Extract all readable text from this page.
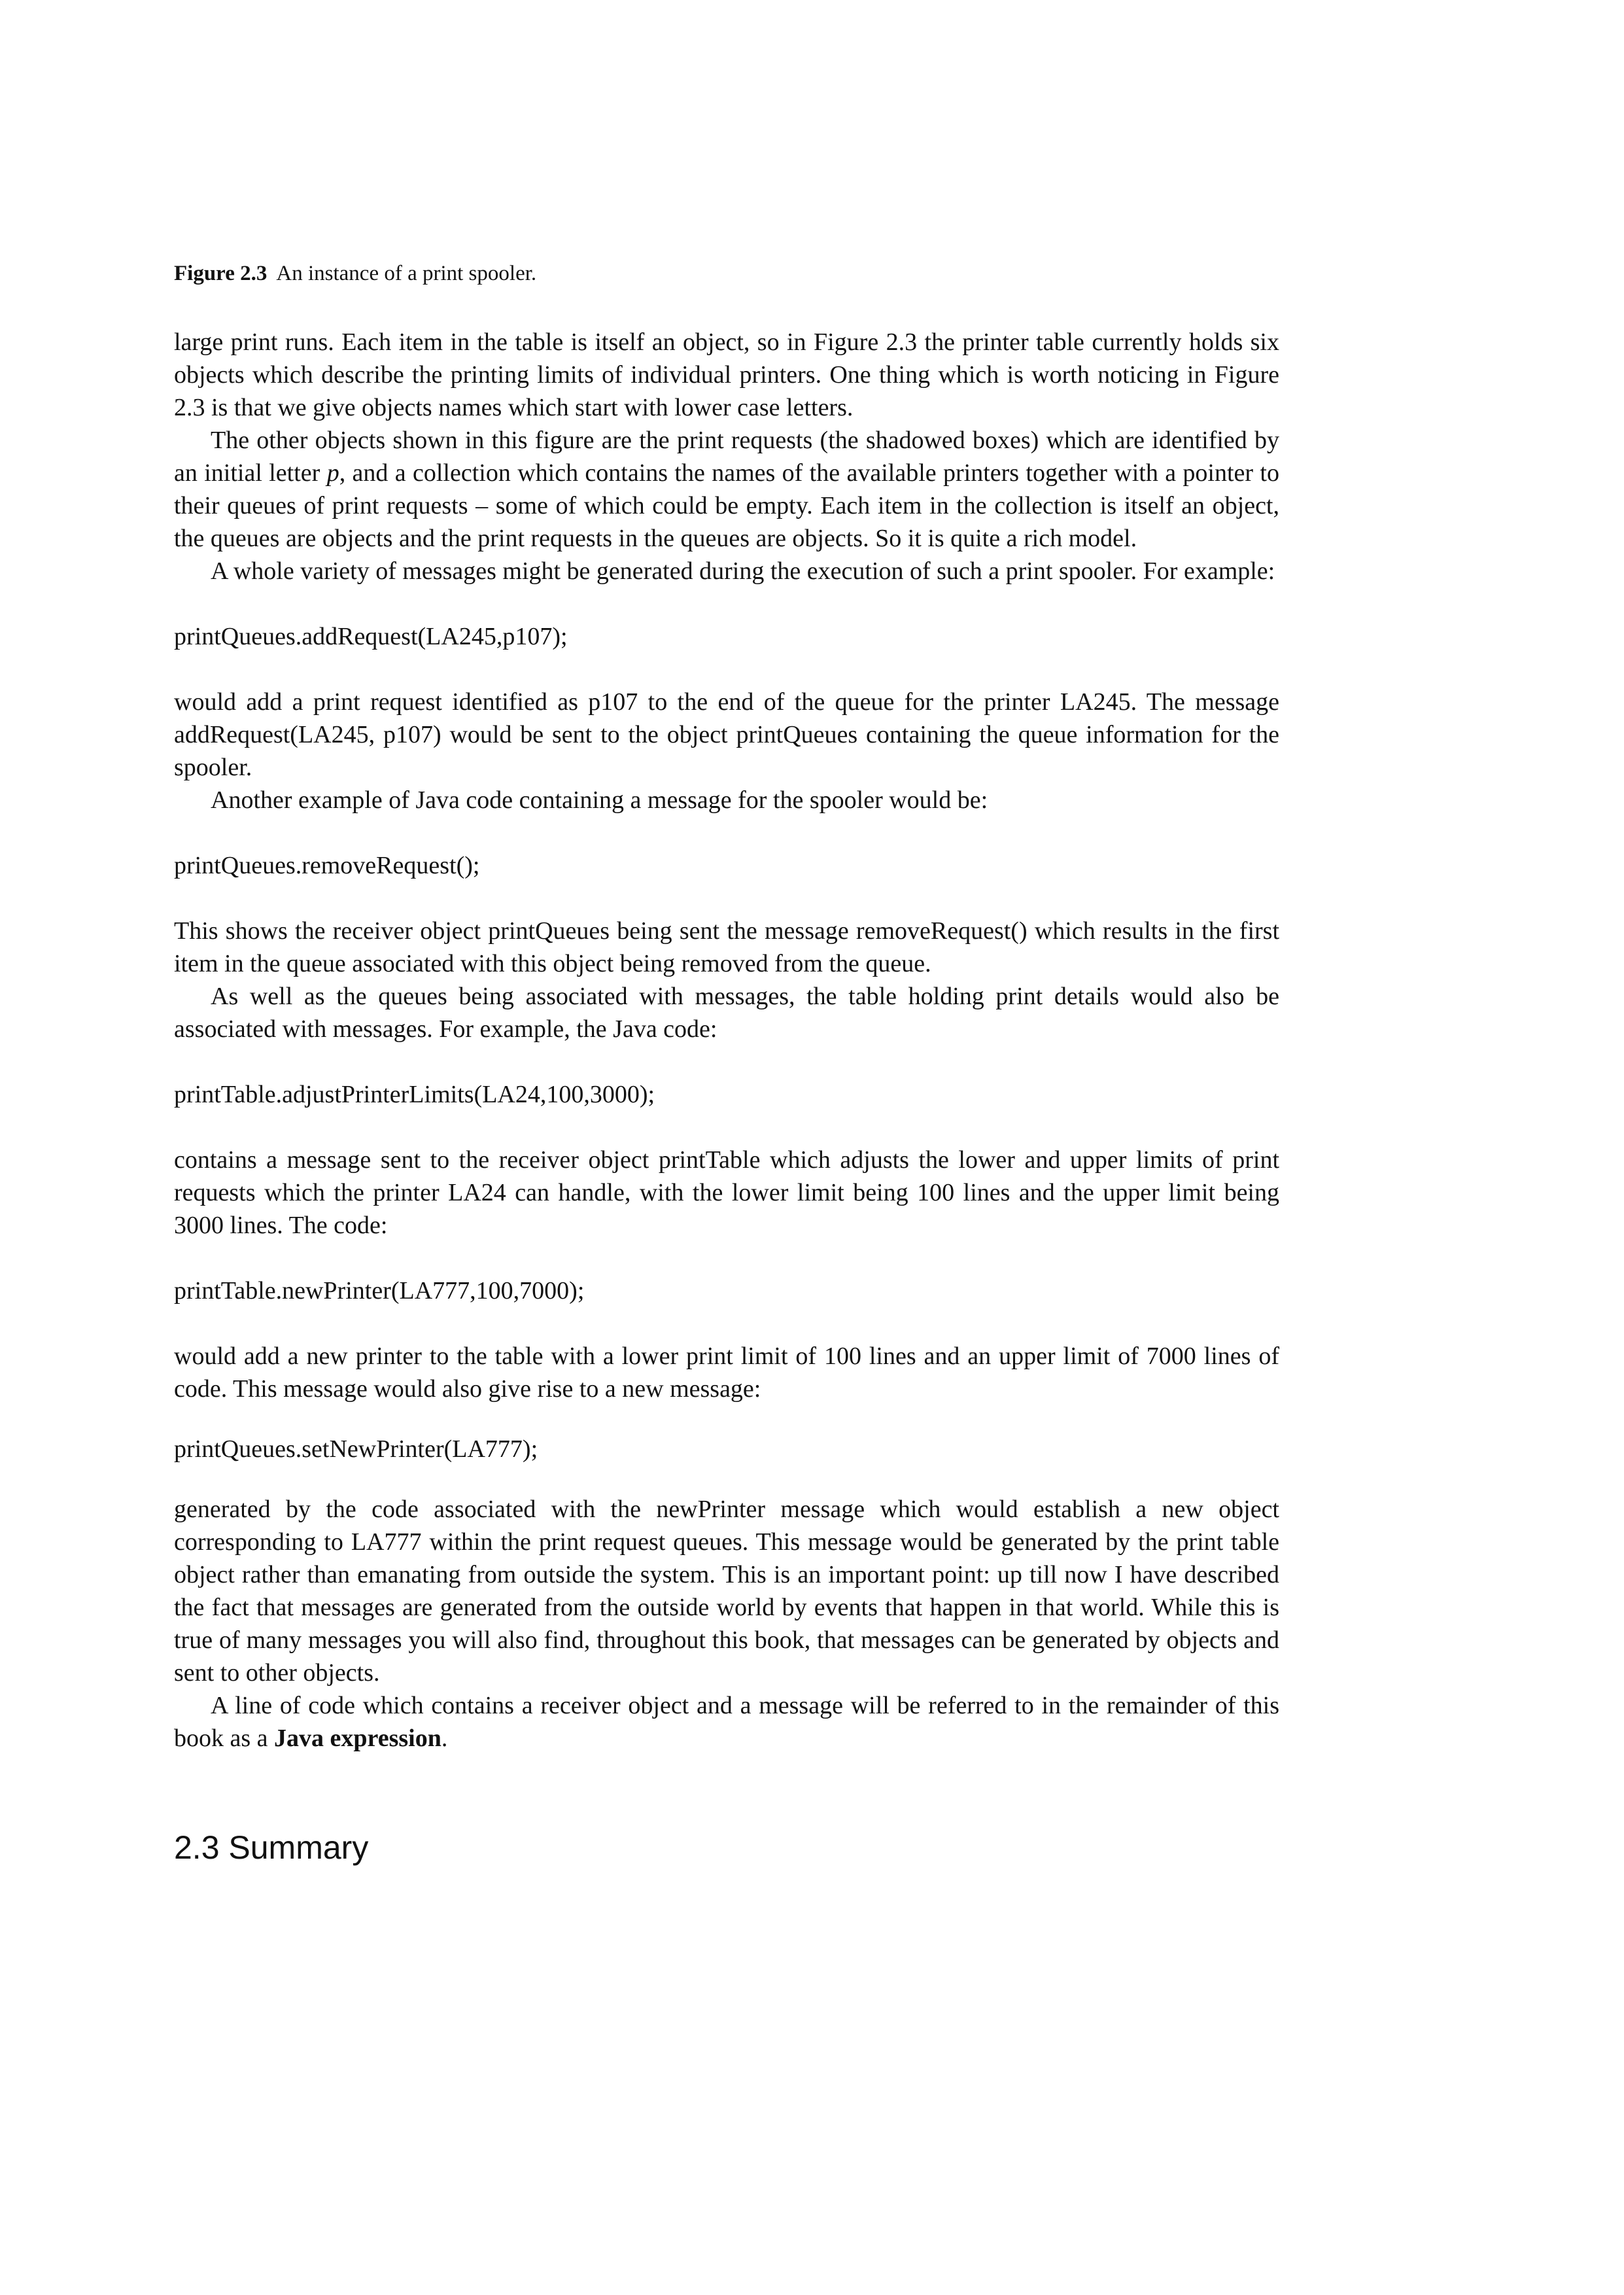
Figure 2.3 An instance of a print spooler.

large print runs. Each item in the table is itself an object, so in Figure 2.3 the printer table currently holds six objects which describe the printing limits of individual printers. One thing which is worth noticing in Figure 2.3 is that we give objects names which start with lower case letters.

The other objects shown in this figure are the print requests (the shadowed boxes) which are identified by an initial letter p, and a collection which contains the names of the available printers together with a pointer to their queues of print requests – some of which could be empty. Each item in the collection is itself an object, the queues are objects and the print requests in the queues are objects. So it is quite a rich model.

A whole variety of messages might be generated during the execution of such a print spooler. For example:

printQueues.addRequest(LA245,p107);

would add a print request identified as p107 to the end of the queue for the printer LA245. The message addRequest(LA245, p107) would be sent to the object printQueues containing the queue information for the spooler.

Another example of Java code containing a message for the spooler would be:

printQueues.removeRequest();

This shows the receiver object printQueues being sent the message removeRequest() which results in the first item in the queue associated with this object being removed from the queue.

As well as the queues being associated with messages, the table holding print details would also be associated with messages. For example, the Java code:

printTable.adjustPrinterLimits(LA24,100,3000);

contains a message sent to the receiver object printTable which adjusts the lower and upper limits of print requests which the printer LA24 can handle, with the lower limit being 100 lines and the upper limit being 3000 lines. The code:

printTable.newPrinter(LA777,100,7000);

would add a new printer to the table with a lower print limit of 100 lines and an upper limit of 7000 lines of code. This message would also give rise to a new message:

printQueues.setNewPrinter(LA777);

generated by the code associated with the newPrinter message which would establish a new object corresponding to LA777 within the print request queues. This message would be generated by the print table object rather than emanating from outside the system. This is an important point: up till now I have described the fact that messages are generated from the outside world by events that happen in that world. While this is true of many messages you will also find, throughout this book, that messages can be generated by objects and sent to other objects.

A line of code which contains a receiver object and a message will be referred to in the remainder of this book as a Java expression.

2.3 Summary
